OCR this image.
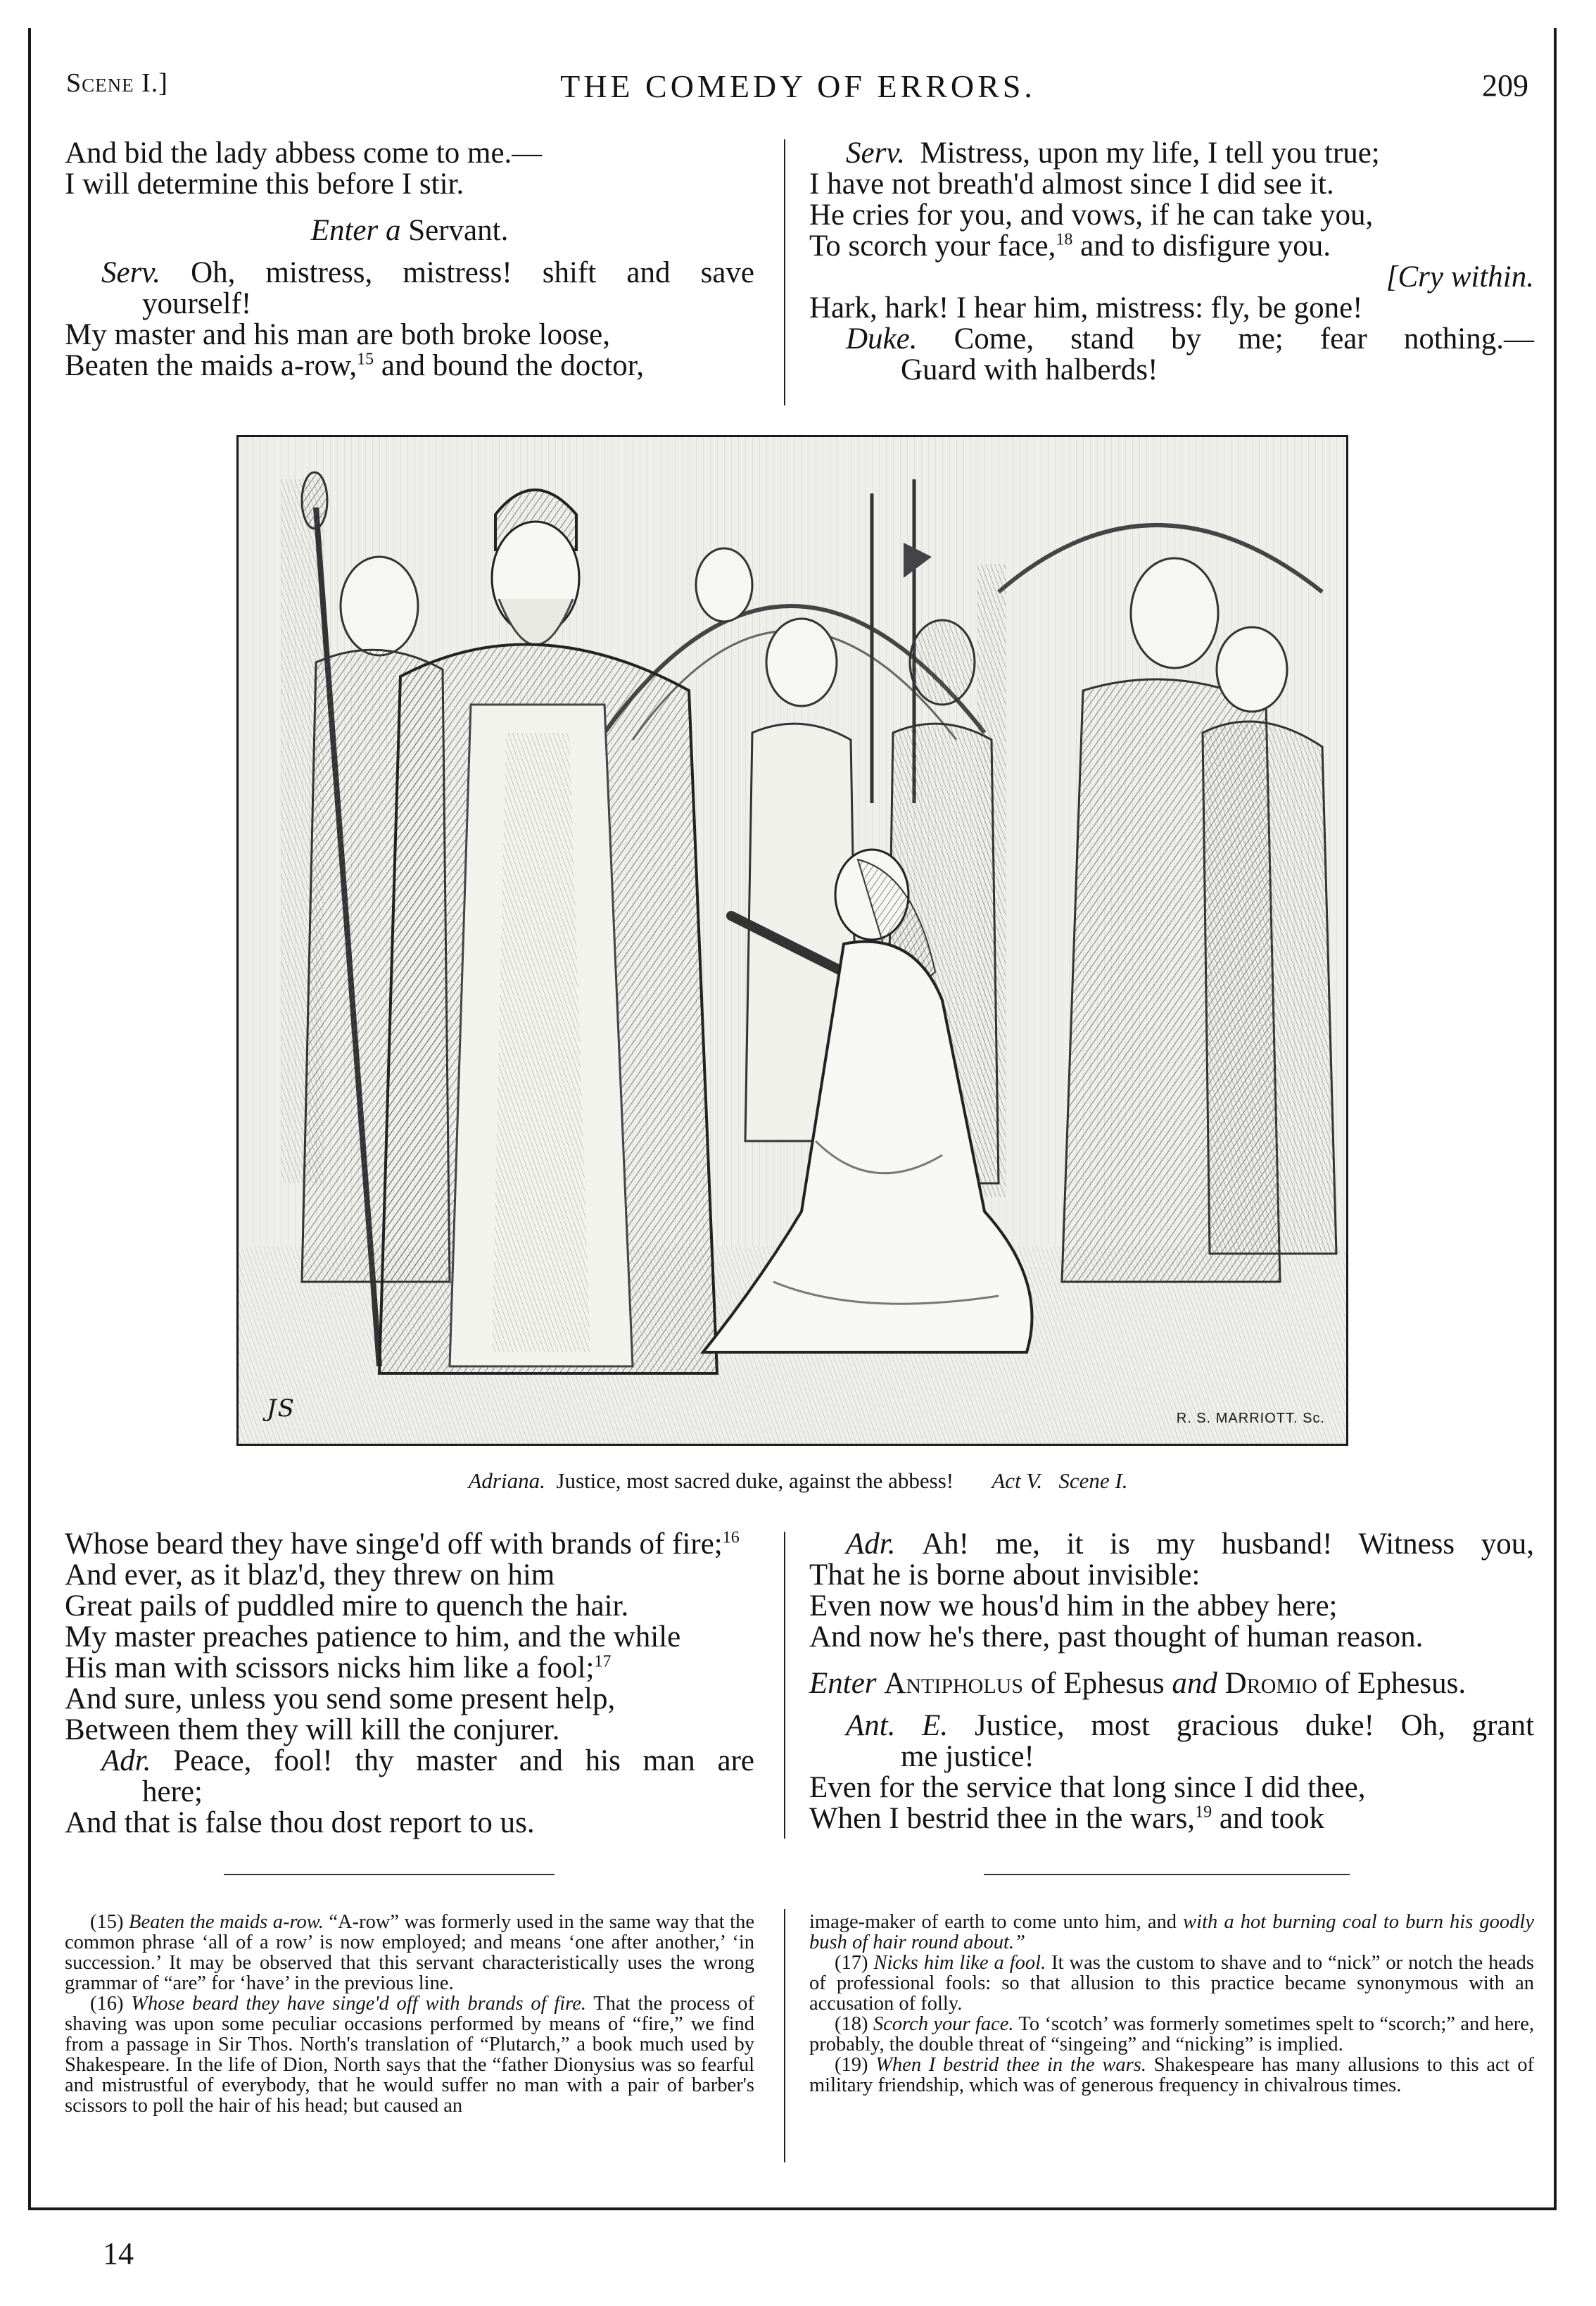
Scene I.]	THE COMEDY OF ERRORS.	209

And bid the lady abbess come to me.—

I will determine this before I stir.

Enter a Servant.

Serv. Oh, mistress, mistress! shift and save

yourself!

My master and his man are both broke loose,

Beaten the maids a-row,$^{15}$ and bound the doctor,

Serv. Mistress, upon my life, I tell you true;

I have not breath'd almost since I did see it.

He cries for you, and vows, if he can take you,

To scorch your face,$^{18}$ and to disfigure you.

[Cry within.

Hark, hark! I hear him, mistress: fly, be gone!

Duke. Come, stand by me; fear nothing.—

Guard with halberds!

JS	R. S. MARRIOTT. Sc.
Adriana. Justice, most sacred duke, against the abbess! Act V. Scene I.

Whose beard they have singe'd off with brands of fire;$^{16}$

And ever, as it blaz'd, they threw on him

Great pails of puddled mire to quench the hair.

My master preaches patience to him, and the while

His man with scissors nicks him like a fool;$^{17}$

And sure, unless you send some present help,

Between them they will kill the conjurer.

Adr. Peace, fool! thy master and his man are

here;

And that is false thou dost report to us.

Adr. Ah! me, it is my husband! Witness you,

That he is borne about invisible:

Even now we hous'd him in the abbey here;

And now he's there, past thought of human reason.

Enter Antipholus of Ephesus and Dromio of Ephesus.

Ant. E. Justice, most gracious duke! Oh, grant

me justice!

Even for the service that long since I did thee,

When I bestrid thee in the wars,$^{19}$ and took

(15) Beaten the maids a-row. “A-row” was formerly used in the same way that the common phrase ‘all of a row’ is now employed; and means ‘one after another,’ ‘in succession.’ It may be observed that this servant characteristically uses the wrong grammar of “are” for ‘have’ in the previous line.

(16) Whose beard they have singe'd off with brands of fire. That the process of shaving was upon some peculiar occasions performed by means of “fire,” we find from a passage in Sir Thos. North's translation of “Plutarch,” a book much used by Shakespeare. In the life of Dion, North says that the “father Dionysius was so fearful and mistrustful of everybody, that he would suffer no man with a pair of barber's scissors to poll the hair of his head; but caused an

image-maker of earth to come unto him, and with a hot burning coal to burn his goodly bush of hair round about.”

(17) Nicks him like a fool. It was the custom to shave and to “nick” or notch the heads of professional fools: so that allusion to this practice became synonymous with an accusation of folly.

(18) Scorch your face. To ‘scotch’ was formerly sometimes spelt to “scorch;” and here, probably, the double threat of “singeing” and “nicking” is implied.

(19) When I bestrid thee in the wars. Shakespeare has many allusions to this act of military friendship, which was of generous frequency in chivalrous times.

14
